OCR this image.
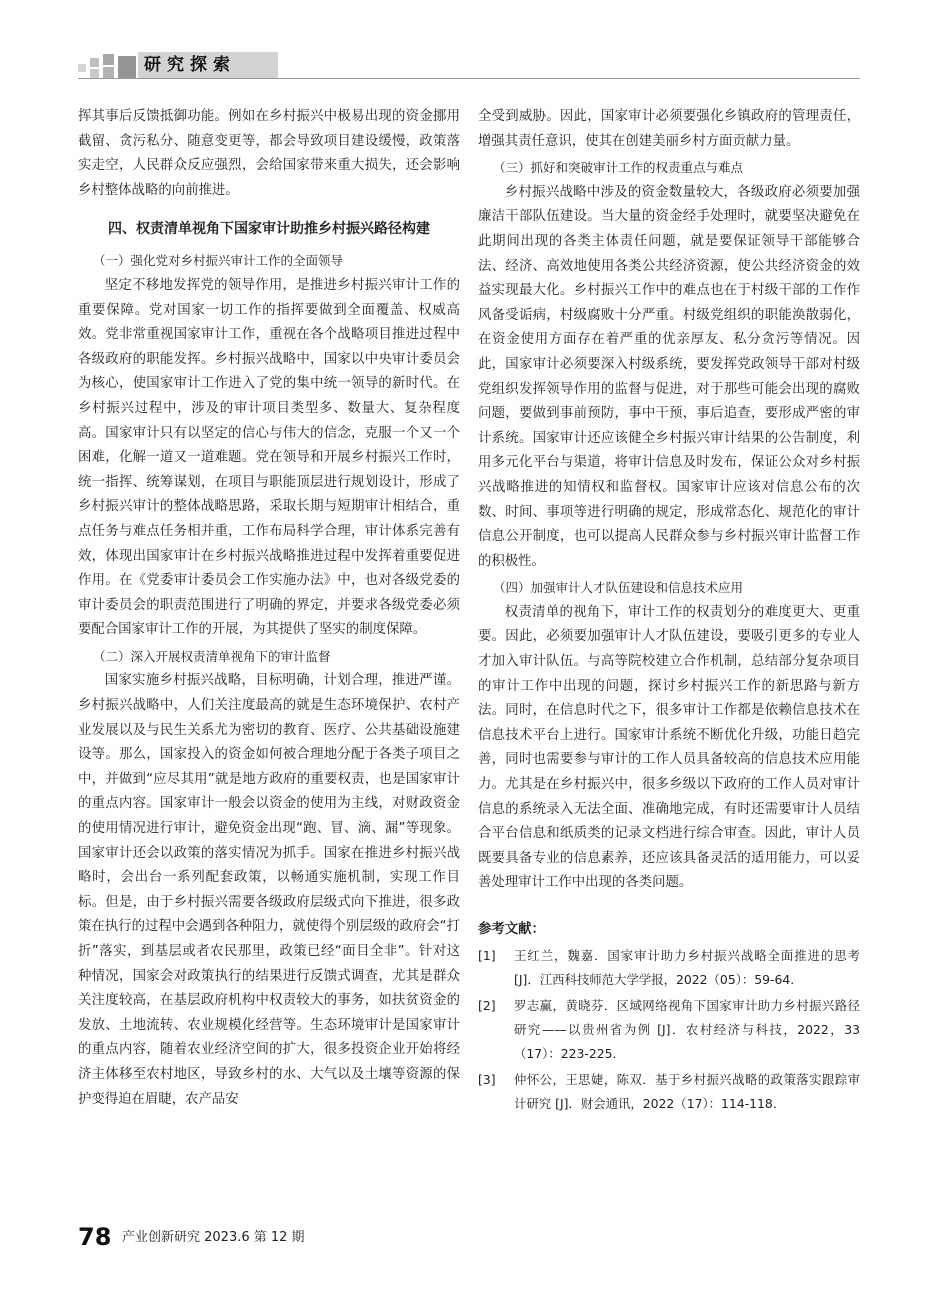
研究探索

挥其事后反馈抵御功能。例如在乡村振兴中极易出现的资金挪用截留、贪污私分、随意变更等，都会导致项目建设缓慢，政策落实走空，人民群众反应强烈，会给国家带来重大损失，还会影响乡村整体战略的向前推进。

四、权责清单视角下国家审计助推乡村振兴路径构建
（一）强化党对乡村振兴审计工作的全面领导

坚定不移地发挥党的领导作用，是推进乡村振兴审计工作的重要保障。党对国家一切工作的指挥要做到全面覆盖、权威高效。党非常重视国家审计工作，重视在各个战略项目推进过程中各级政府的职能发挥。乡村振兴战略中，国家以中央审计委员会为核心，使国家审计工作进入了党的集中统一领导的新时代。在乡村振兴过程中，涉及的审计项目类型多、数量大、复杂程度高。国家审计只有以坚定的信心与伟大的信念，克服一个又一个困难，化解一道又一道难题。党在领导和开展乡村振兴工作时，统一指挥、统筹谋划，在项目与职能顶层进行规划设计，形成了乡村振兴审计的整体战略思路，采取长期与短期审计相结合，重点任务与难点任务相并重，工作布局科学合理，审计体系完善有效，体现出国家审计在乡村振兴战略推进过程中发挥着重要促进作用。在《党委审计委员会工作实施办法》中，也对各级党委的审计委员会的职责范围进行了明确的界定，并要求各级党委必须要配合国家审计工作的开展，为其提供了坚实的制度保障。

（二）深入开展权责清单视角下的审计监督

国家实施乡村振兴战略，目标明确，计划合理，推进严谨。乡村振兴战略中，人们关注度最高的就是生态环境保护、农村产业发展以及与民生关系尤为密切的教育、医疗、公共基础设施建设等。那么，国家投入的资金如何被合理地分配于各类子项目之中，并做到“应尽其用”就是地方政府的重要权责，也是国家审计的重点内容。国家审计一般会以资金的使用为主线，对财政资金的使用情况进行审计，避免资金出现“跑、冒、滴、漏”等现象。国家审计还会以政策的落实情况为抓手。国家在推进乡村振兴战略时，会出台一系列配套政策，以畅通实施机制，实现工作目标。但是，由于乡村振兴需要各级政府层级式向下推进，很多政策在执行的过程中会遇到各种阻力，就使得个别层级的政府会“打折”落实，到基层或者农民那里，政策已经“面目全非”。针对这种情况，国家会对政策执行的结果进行反馈式调查，尤其是群众关注度较高，在基层政府机构中权责较大的事务，如扶贫资金的发放、土地流转、农业规模化经营等。生态环境审计是国家审计的重点内容，随着农业经济空间的扩大，很多投资企业开始将经济主体移至农村地区，导致乡村的水、大气以及土壤等资源的保护变得迫在眉睫，农产品安

全受到威胁。因此，国家审计必须要强化乡镇政府的管理责任，增强其责任意识，使其在创建美丽乡村方面贡献力量。

（三）抓好和突破审计工作的权责重点与难点

乡村振兴战略中涉及的资金数量较大，各级政府必须要加强廉洁干部队伍建设。当大量的资金经手处理时，就要坚决避免在此期间出现的各类主体责任问题，就是要保证领导干部能够合法、经济、高效地使用各类公共经济资源，使公共经济资金的效益实现最大化。乡村振兴工作中的难点也在于村级干部的工作作风备受诟病，村级腐败十分严重。村级党组织的职能涣散弱化，在资金使用方面存在着严重的优亲厚友、私分贪污等情况。因此，国家审计必须要深入村级系统，要发挥党政领导干部对村级党组织发挥领导作用的监督与促进，对于那些可能会出现的腐败问题，要做到事前预防，事中干预，事后追查，要形成严密的审计系统。国家审计还应该健全乡村振兴审计结果的公告制度，利用多元化平台与渠道，将审计信息及时发布，保证公众对乡村振兴战略推进的知情权和监督权。国家审计应该对信息公布的次数、时间、事项等进行明确的规定，形成常态化、规范化的审计信息公开制度，也可以提高人民群众参与乡村振兴审计监督工作的积极性。

（四）加强审计人才队伍建设和信息技术应用

权责清单的视角下，审计工作的权责划分的难度更大、更重要。因此，必须要加强审计人才队伍建设，要吸引更多的专业人才加入审计队伍。与高等院校建立合作机制，总结部分复杂项目的审计工作中出现的问题，探讨乡村振兴工作的新思路与新方法。同时，在信息时代之下，很多审计工作都是依赖信息技术在信息技术平台上进行。国家审计系统不断优化升级，功能日趋完善，同时也需要参与审计的工作人员具备较高的信息技术应用能力。尤其是在乡村振兴中，很多乡级以下政府的工作人员对审计信息的系统录入无法全面、准确地完成，有时还需要审计人员结合平台信息和纸质类的记录文档进行综合审查。因此，审计人员既要具备专业的信息素养，还应该具备灵活的适用能力，可以妥善处理审计工作中出现的各类问题。

参考文献：
[1]	王红兰，魏嘉．国家审计助力乡村振兴战略全面推进的思考 [J]．江西科技师范大学学报，2022（05）：59-64.
[2]	罗志赢，黄晓芬．区域网络视角下国家审计助力乡村振兴路径研究——以贵州省为例 [J]．农村经济与科技，2022，33（17）：223-225.
[3]	仲怀公，王思婕，陈双．基于乡村振兴战略的政策落实跟踪审计研究 [J]．财会通讯，2022（17）：114-118.
78 产业创新研究 2023.6 第 12 期
